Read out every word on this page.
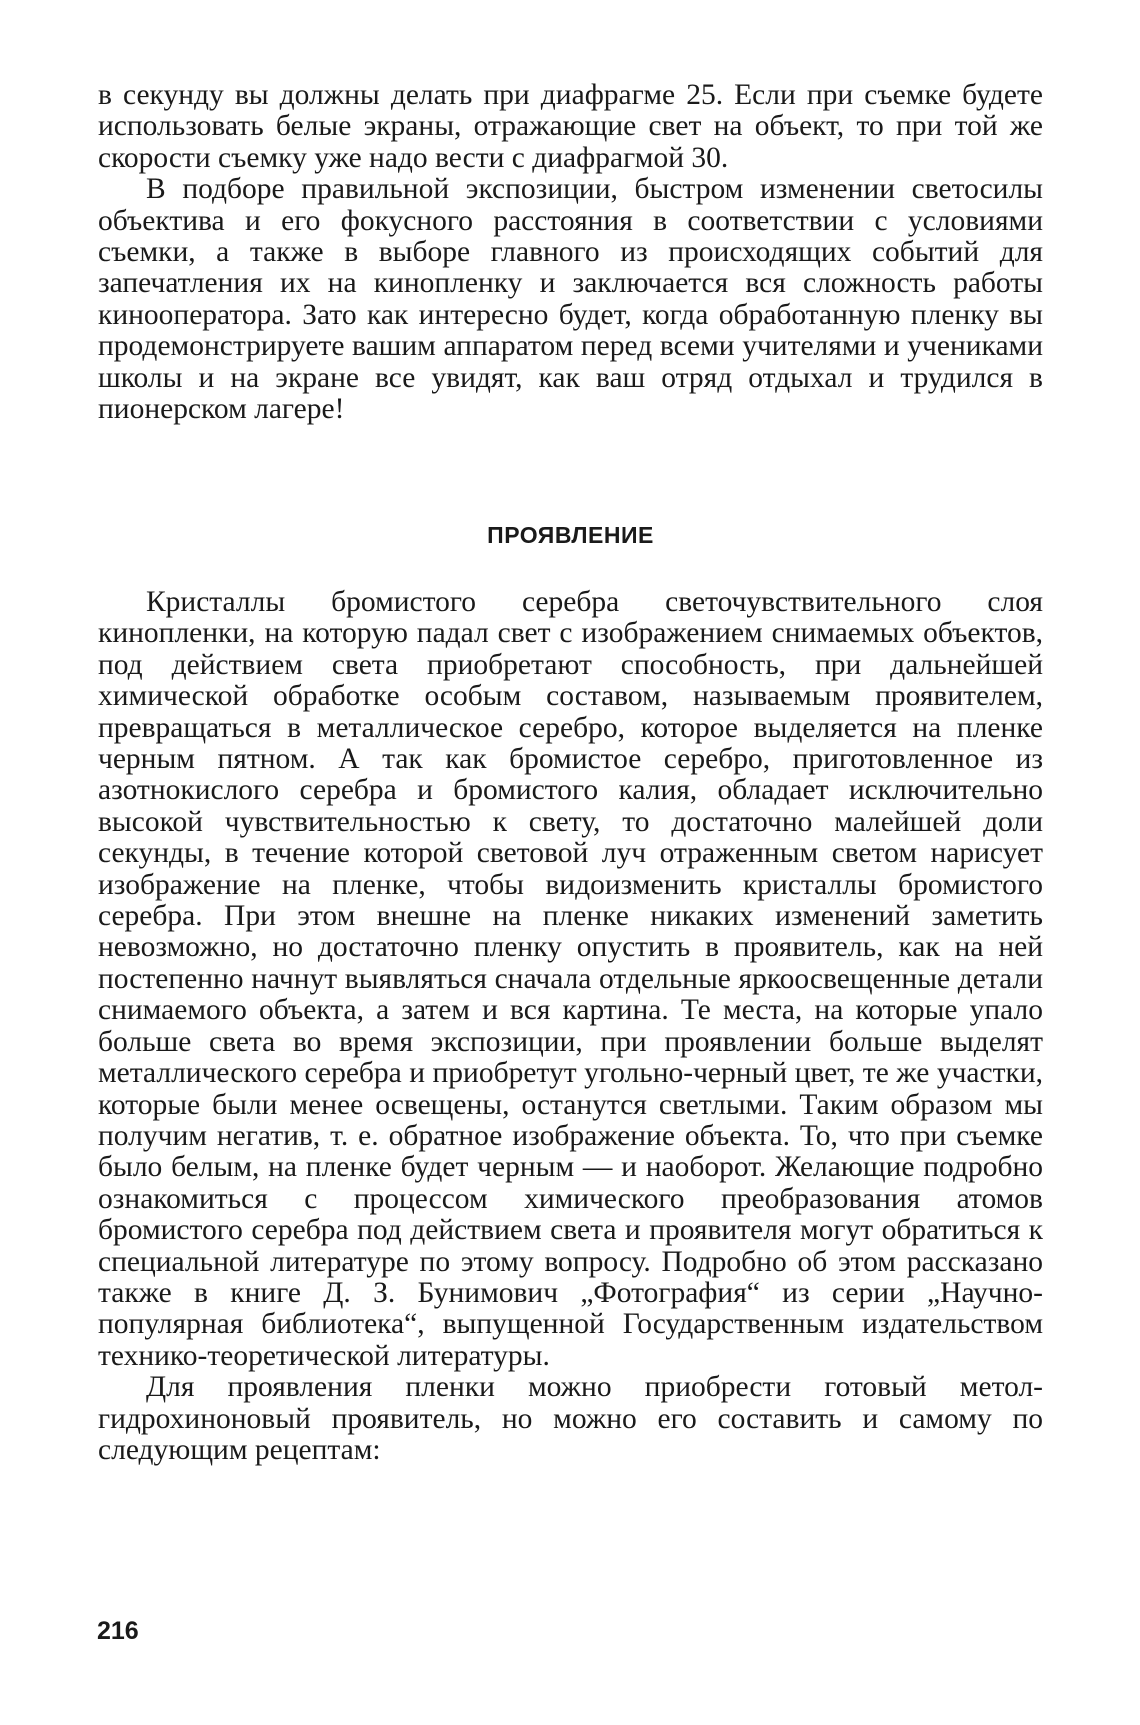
в секунду вы должны делать при диафрагме 25. Если при съемке будете использовать белые экраны, отражающие свет на объект, то при той же скорости съемку уже надо вести с диафрагмой 30.

В подборе правильной экспозиции, быстром изменении светосилы объектива и его фокусного расстояния в соответствии с условиями съемки, а также в выборе главного из происходящих событий для запечатления их на кинопленку и заключается вся сложность работы кинооператора. Зато как интересно будет, когда обработанную пленку вы продемонстрируете вашим аппаратом перед всеми учителями и учениками школы и на экране все увидят, как ваш отряд отдыхал и трудился в пионерском лагере!

ПРОЯВЛЕНИЕ

Кристаллы бромистого серебра светочувствительного слоя кинопленки, на которую падал свет с изображением снимаемых объектов, под действием света приобретают способность, при дальнейшей химической обработке особым составом, называемым проявителем, превращаться в металлическое серебро, которое выделяется на пленке черным пятном. А так как бромистое серебро, приготовленное из азотнокислого серебра и бромистого калия, обладает исключительно высокой чувствительностью к свету, то достаточно малейшей доли секунды, в течение которой световой луч отраженным светом нарисует изображение на пленке, чтобы видоизменить кристаллы бромистого серебра. При этом внешне на пленке никаких изменений заметить невозможно, но достаточно пленку опустить в проявитель, как на ней постепенно начнут выявляться сначала отдельные яркоосвещенные детали снимаемого объекта, а затем и вся картина. Те места, на которые упало больше света во время экспозиции, при проявлении больше выделят металлического серебра и приобретут угольно-черный цвет, те же участки, которые были менее освещены, останутся светлыми. Таким образом мы получим негатив, т. е. обратное изображение объекта. То, что при съемке было белым, на пленке будет черным — и наоборот. Желающие подробно ознакомиться с процессом химического преобразования атомов бромистого серебра под действием света и проявителя могут обратиться к специальной литературе по этому вопросу. Подробно об этом рассказано также в книге Д. З. Бунимович „Фотография“ из серии „Научно-популярная библиотека“, выпущенной Государственным издательством технико-теоретической литературы.

Для проявления пленки можно приобрести готовый метолгидрохиноновый проявитель, но можно его составить и самому по следующим рецептам:

216
